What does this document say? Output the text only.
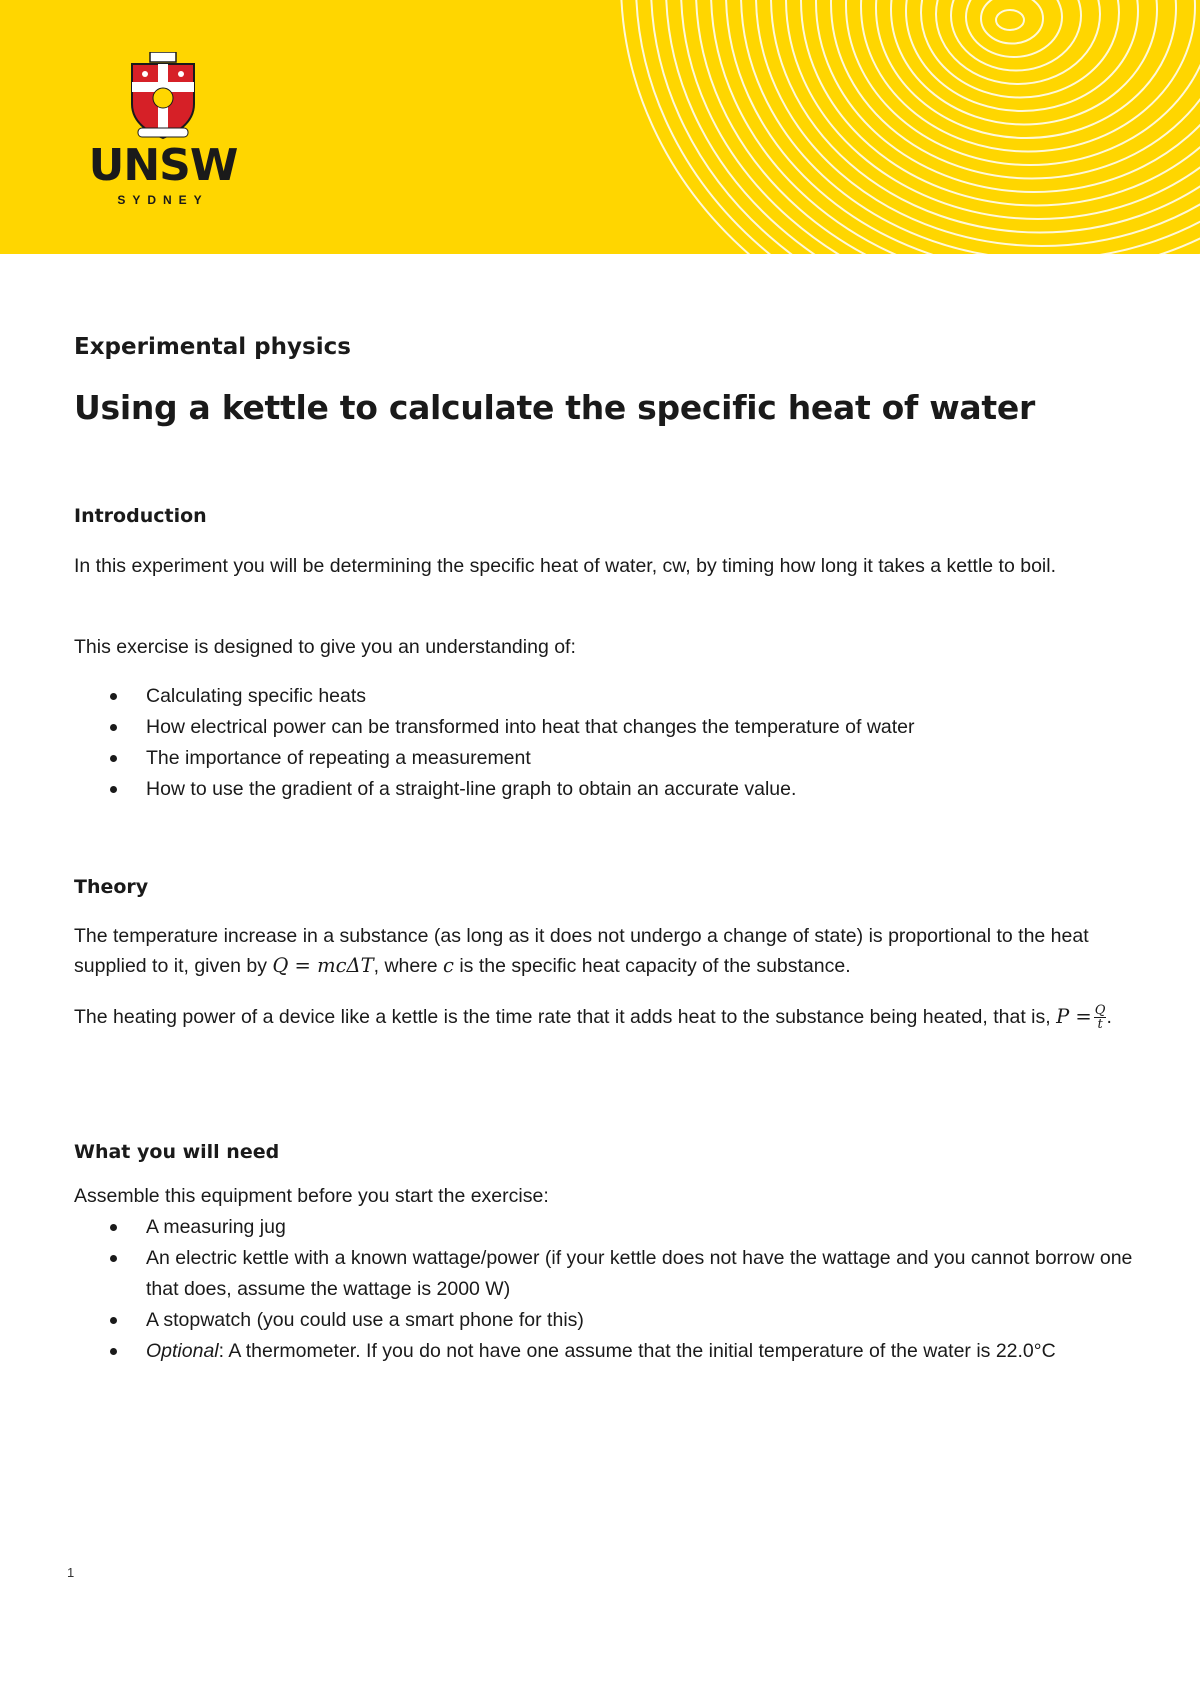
UNSW
SYDNEY
Experimental physics
Using a kettle to calculate the specific heat of water
Introduction

In this experiment you will be determining the specific heat of water, cw, by timing how long it takes a kettle to boil.

This exercise is designed to give you an understanding of:

Calculating specific heats
How electrical power can be transformed into heat that changes the temperature of water
The importance of repeating a measurement
How to use the gradient of a straight-line graph to obtain an accurate value.
Theory

The temperature increase in a substance (as long as it does not undergo a change of state) is proportional to the heat supplied to it, given by Q = mcΔT, where c is the specific heat capacity of the substance.

The heating power of a device like a kettle is the time rate that it adds heat to the substance being heated, that is, $P = \frac{Q}{t}$ .

What you will need

Assemble this equipment before you start the exercise:

A measuring jug
An electric kettle with a known wattage/power (if your kettle does not have the wattage and you cannot borrow one that does, assume the wattage is 2000 W)
A stopwatch (you could use a smart phone for this)
Optional: A thermometer. If you do not have one assume that the initial temperature of the water is 22.0°C
1
